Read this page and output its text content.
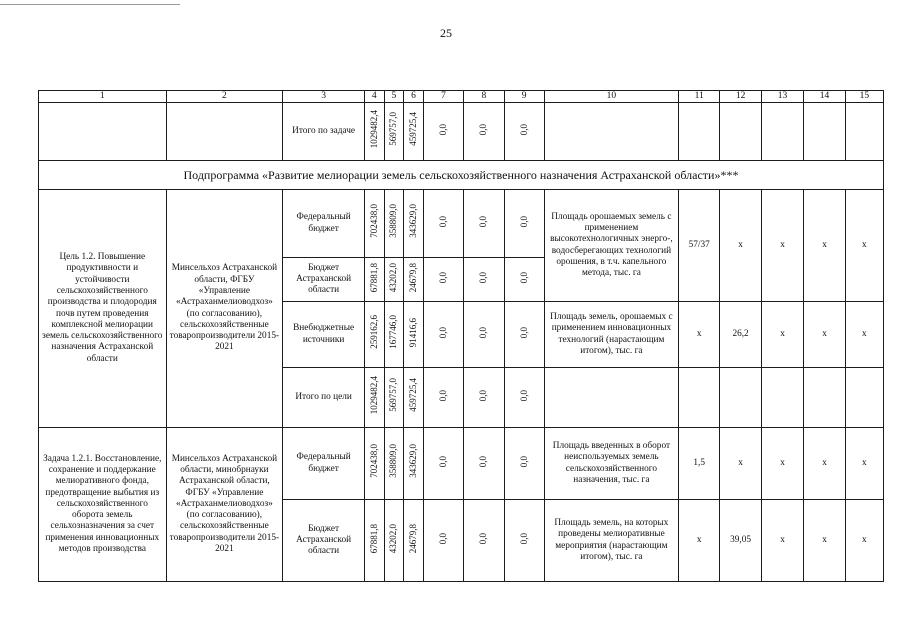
25
1	2	3	4	5	6	7	8	9	10	11	12	13	14	15
		Итого по задаче	1029482,4	569757,0	459725,4	0,0	0,0	0,0						
Подпрограмма «Развитие мелиорации земель сельскохозяйственного назначения Астраханской области»***														
Цель 1.2. Повышение продуктивности и устойчивости сельскохозяйственного производства и плодородия почв путем проведения комплексной мелиорации земель сельскохозяйственного назначения Астраханской области	Минсельхоз Астраханской области, ФГБУ «Управление «Астраханмелиоводхоз» (по согласованию), сельскохозяйственные товаропроизводители 2015-2021	Федеральный бюджет	702438,0	358809,0	343629,0	0,0	0,0	0,0	Площадь орошаемых земель с применением высокотехнологичных энерго-, водосберегающих технологий орошения, в т.ч. капельного метода, тыс. га	57/37	х	х	х	х
		Бюджет Астраханской области	67881,8	43202,0	24679,8	0,0	0,0	0,0						
		Внебюджетные источники	259162,6	167746,0	91416,6	0,0	0,0	0,0	Площадь земель, орошаемых с применением инновационных технологий (нарастающим итогом), тыс. га	х	26,2	х	х	х
		Итого по цели	1029482,4	569757,0	459725,4	0,0	0,0	0,0						
Задача 1.2.1. Восстановление, сохранение и поддержание мелиоративного фонда, предотвращение выбытия из сельскохозяйственного оборота земель сельхозназначения за счет применения инновационных методов производства	Минсельхоз Астраханской области, минобрнауки Астраханской области, ФГБУ «Управление «Астраханмелиоводхоз» (по согласованию), сельскохозяйственные товаропроизводители 2015-2021	Федеральный бюджет	702438,0	358809,0	343629,0	0,0	0,0	0,0	Площадь введенных в оборот неиспользуемых земель сельскохозяйственного назначения, тыс. га	1,5	х	х	х	х
		Бюджет Астраханской области	67881,8	43202,0	24679,8	0,0	0,0	0,0	Площадь земель, на которых проведены мелиоративные мероприятия (нарастающим итогом), тыс. га	х	39,05	х	х	х
